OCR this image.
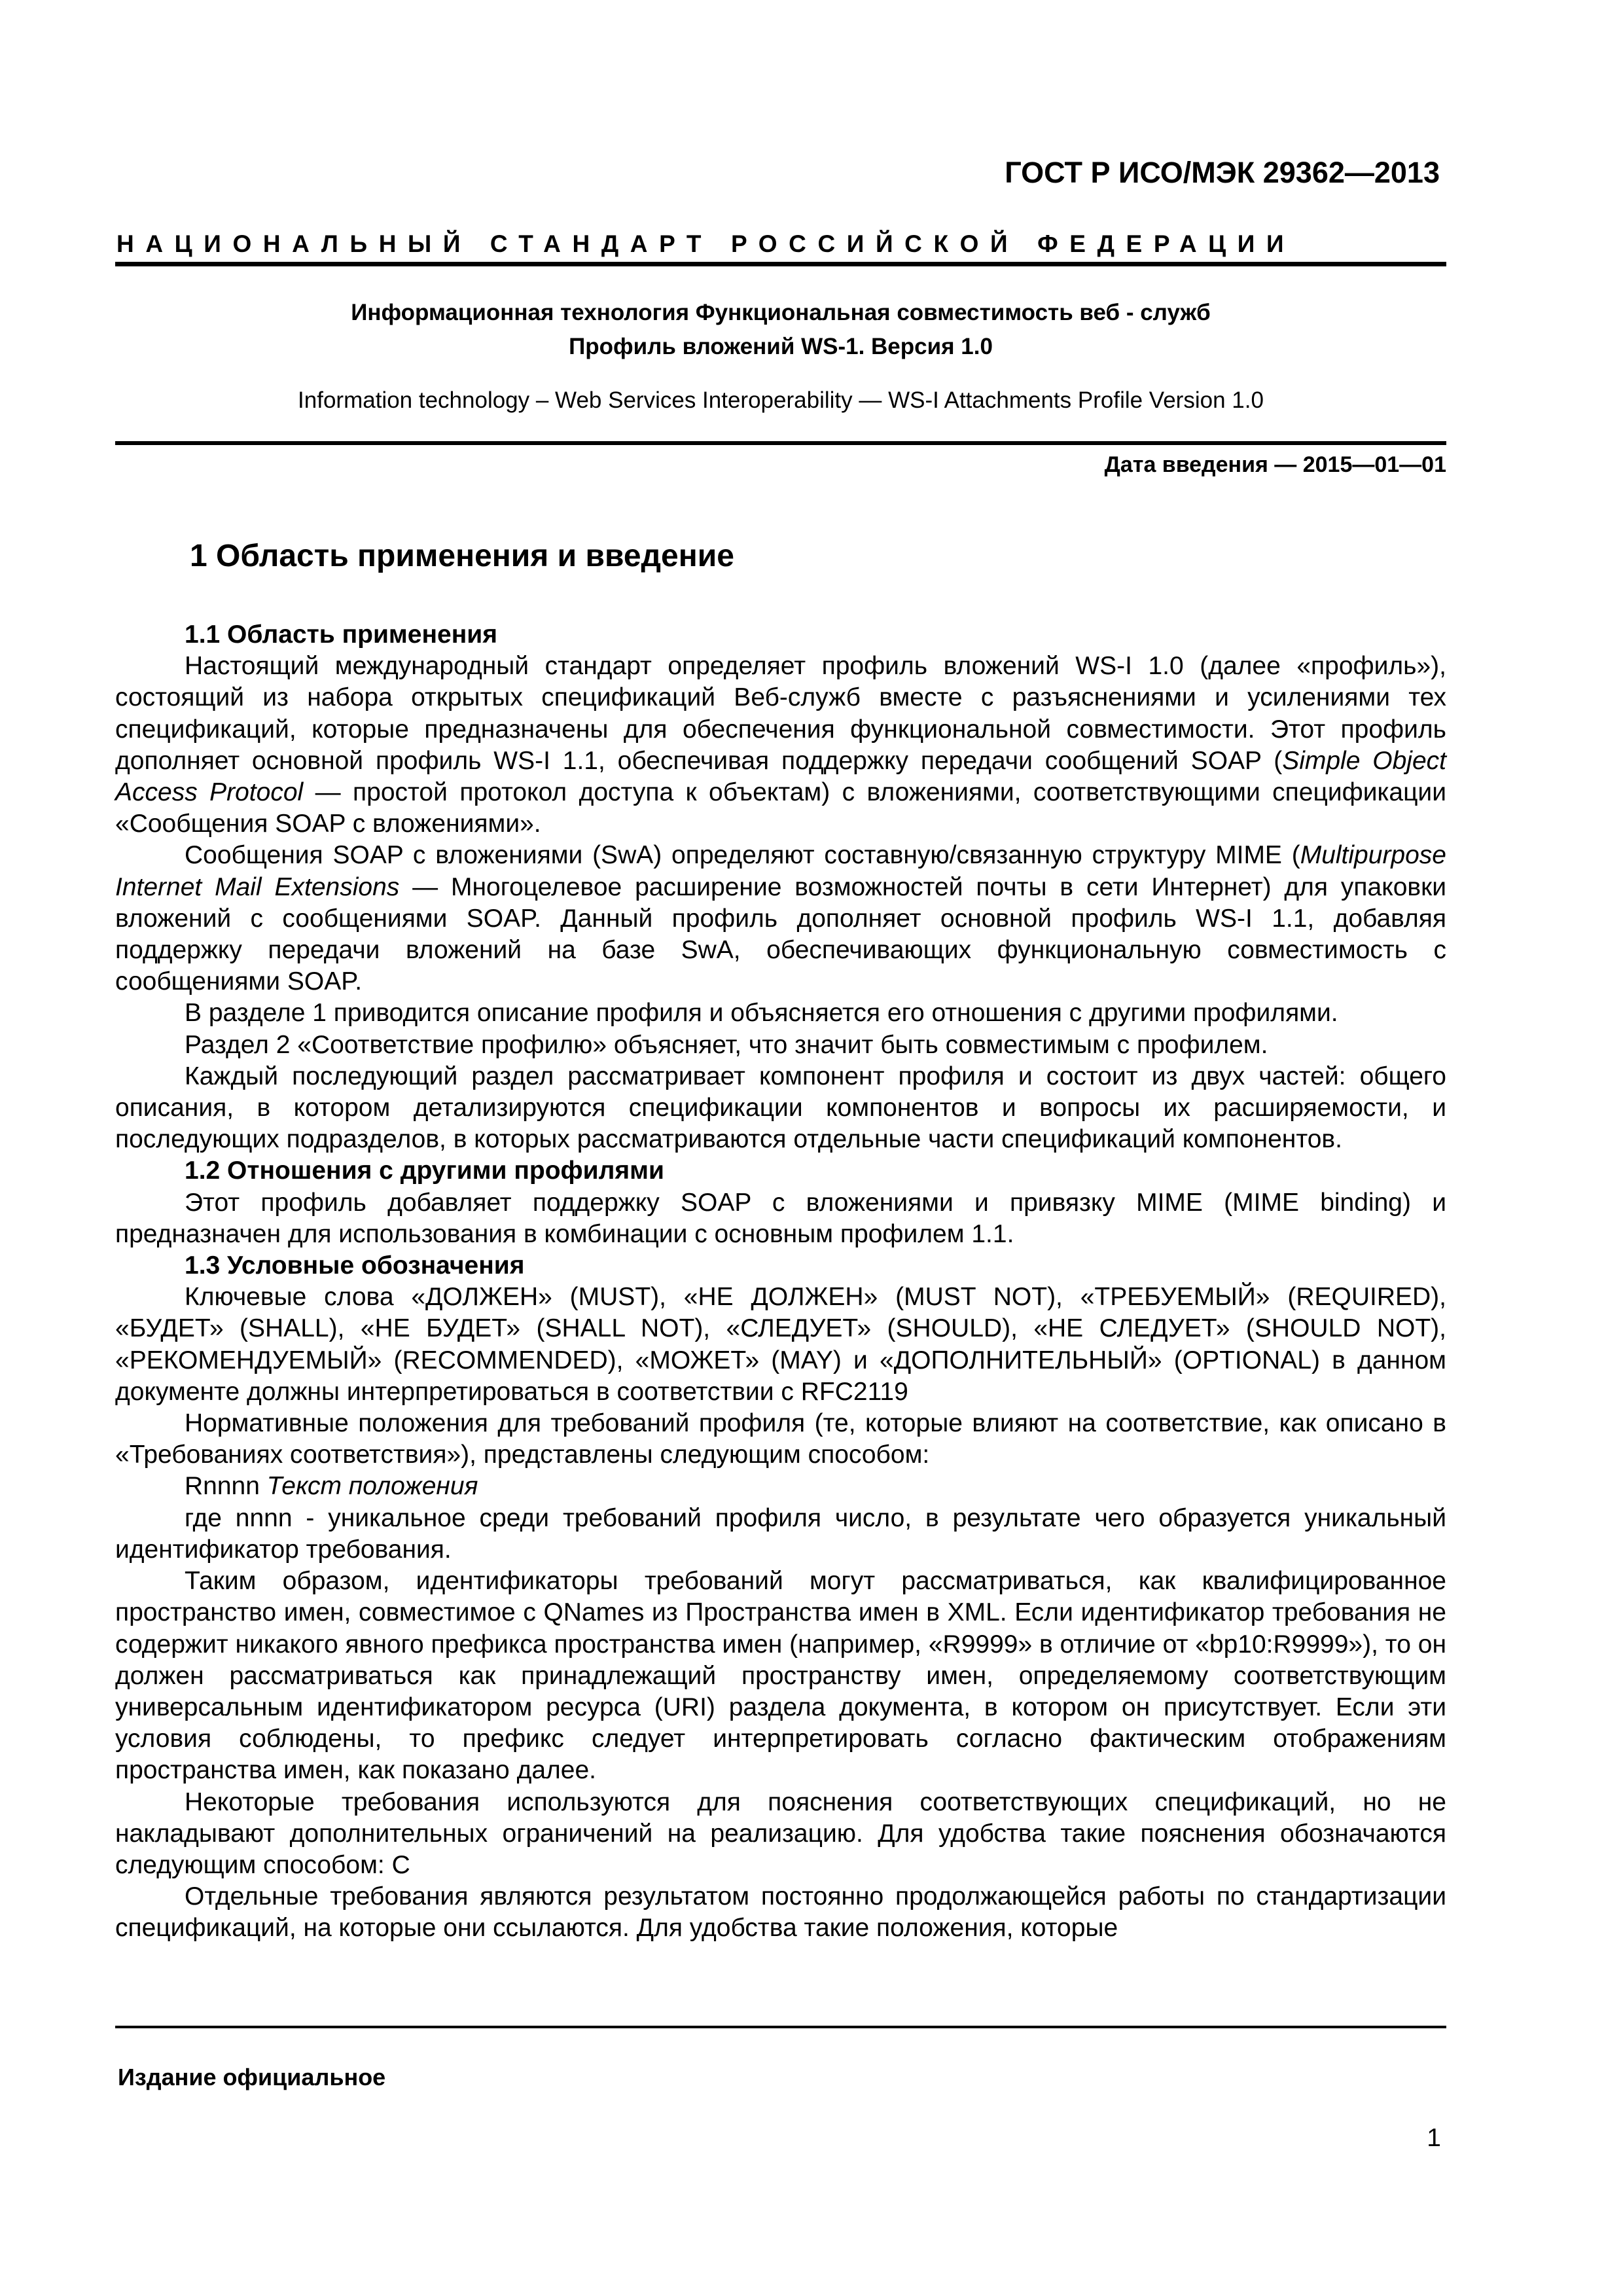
ГОСТ Р ИСО/МЭК 29362—2013
НАЦИОНАЛЬНЫЙ СТАНДАРТ РОССИЙСКОЙ ФЕДЕРАЦИИ
Информационная технология Функциональная совместимость веб - служб
Профиль вложений WS-1. Версия 1.0
Information technology – Web Services Interoperability — WS-I Attachments Profile Version 1.0
Дата введения — 2015—01—01
1 Область применения и введение

1.1 Область применения

Настоящий международный стандарт определяет профиль вложений WS-I 1.0 (далее «профиль»), состоящий из набора открытых спецификаций Веб-служб вместе с разъяснениями и усилениями тех спецификаций, которые предназначены для обеспечения функциональной совместимости. Этот профиль дополняет основной профиль WS-I 1.1, обеспечивая поддержку передачи сообщений SOAP (Simple Object Access Protocol — простой протокол доступа к объектам) с вложениями, соответствующими спецификации «Сообщения SOAP с вложениями».

Сообщения SOAP с вложениями (SwA) определяют составную/связанную структуру MIME (Multipurpose Internet Mail Extensions — Многоцелевое расширение возможностей почты в сети Интернет) для упаковки вложений с сообщениями SOAP. Данный профиль дополняет основной профиль WS-I 1.1, добавляя поддержку передачи вложений на базе SwA, обеспечивающих функциональную совместимость с сообщениями SOAP.

В разделе 1 приводится описание профиля и объясняется его отношения с другими профилями.

Раздел 2 «Соответствие профилю» объясняет, что значит быть совместимым с профилем.

Каждый последующий раздел рассматривает компонент профиля и состоит из двух частей: общего описания, в котором детализируются спецификации компонентов и вопросы их расширяемости, и последующих подразделов, в которых рассматриваются отдельные части спецификаций компонентов.

1.2 Отношения с другими профилями

Этот профиль добавляет поддержку SOAP с вложениями и привязку MIME (MIME binding) и предназначен для использования в комбинации с основным профилем 1.1.

1.3 Условные обозначения

Ключевые слова «ДОЛЖЕН» (MUST), «НЕ ДОЛЖЕН» (MUST NOT), «ТРЕБУЕМЫЙ» (REQUIRED), «БУДЕТ» (SHALL), «НЕ БУДЕТ» (SHALL NOT), «СЛЕДУЕТ» (SHOULD), «НЕ СЛЕДУЕТ» (SHOULD NOT), «РЕКОМЕНДУЕМЫЙ» (RECOMMENDED), «МОЖЕТ» (MAY) и «ДОПОЛНИТЕЛЬНЫЙ» (OPTIONAL) в данном документе должны интерпретироваться в соответствии с RFC2119

Нормативные положения для требований профиля (те, которые влияют на соответствие, как описано в «Требованиях соответствия»), представлены следующим способом:

Rnnnn Текст положения

где nnnn - уникальное среди требований профиля число, в результате чего образуется уникальный идентификатор требования.

Таким образом, идентификаторы требований могут рассматриваться, как квалифицированное пространство имен, совместимое с QNames из Пространства имен в XML. Если идентификатор требования не содержит никакого явного префикса пространства имен (например, «R9999» в отличие от «bp10:R9999»), то он должен рассматриваться как принадлежащий пространству имен, определяемому соответствующим универсальным идентификатором ресурса (URI) раздела документа, в котором он присутствует. Если эти условия соблюдены, то префикс следует интерпретировать согласно фактическим отображениям пространства имен, как показано далее.

Некоторые требования используются для пояснения соответствующих спецификаций, но не накладывают дополнительных ограничений на реализацию. Для удобства такие пояснения обозначаются следующим способом: С

Отдельные требования являются результатом постоянно продолжающейся работы по стандартизации спецификаций, на которые они ссылаются. Для удобства такие положения, которые

Издание официальное
1
